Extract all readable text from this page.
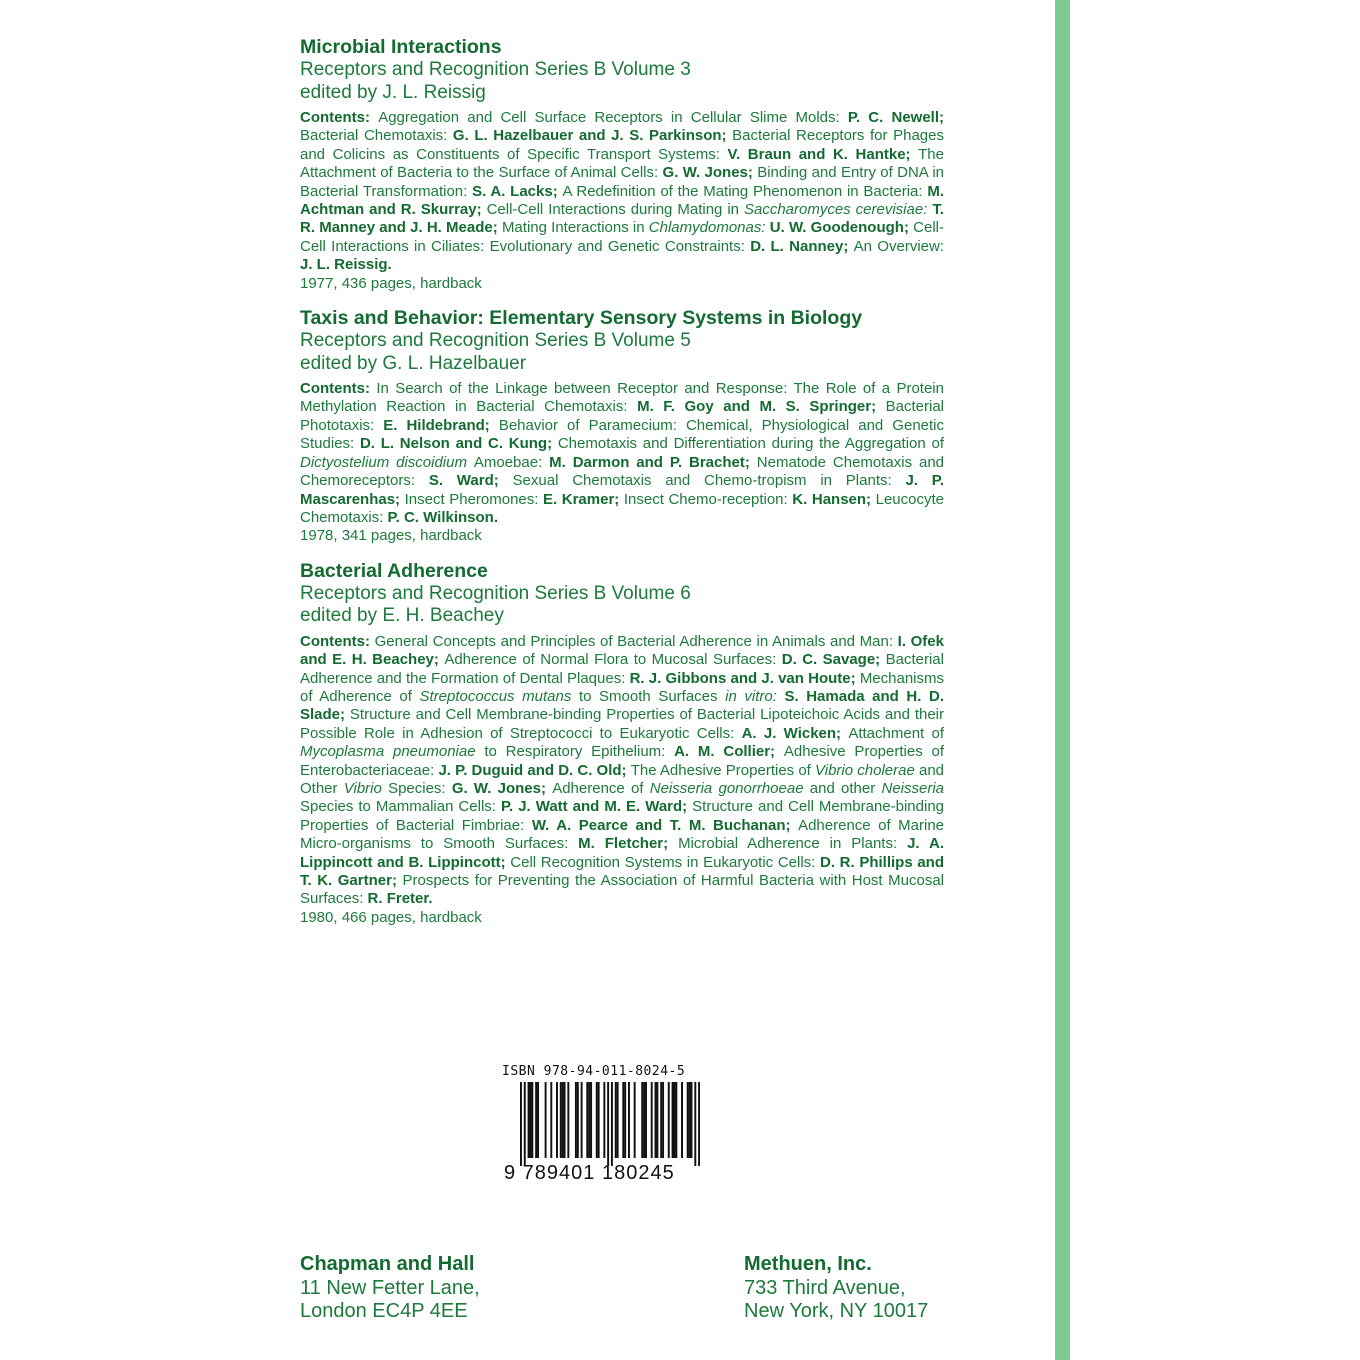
Microbial Interactions
Receptors and Recognition Series B Volume 3
edited by J. L. Reissig
Contents: Aggregation and Cell Surface Receptors in Cellular Slime Molds: P. C. Newell; Bacterial Chemotaxis: G. L. Hazelbauer and J. S. Parkinson; Bacterial Receptors for Phages and Colicins as Constituents of Specific Transport Systems: V. Braun and K. Hantke; The Attachment of Bacteria to the Surface of Animal Cells: G. W. Jones; Binding and Entry of DNA in Bacterial Transformation: S. A. Lacks; A Redefinition of the Mating Phenomenon in Bacteria: M. Achtman and R. Skurray; Cell-Cell Interactions during Mating in Saccharomyces cerevisiae: T. R. Manney and J. H. Meade; Mating Interactions in Chlamydomonas: U. W. Goodenough; Cell-Cell Interactions in Ciliates: Evolutionary and Genetic Constraints: D. L. Nanney; An Overview: J. L. Reissig.
1977, 436 pages, hardback
Taxis and Behavior: Elementary Sensory Systems in Biology
Receptors and Recognition Series B Volume 5
edited by G. L. Hazelbauer
Contents: In Search of the Linkage between Receptor and Response: The Role of a Protein Methylation Reaction in Bacterial Chemotaxis: M. F. Goy and M. S. Springer; Bacterial Phototaxis: E. Hildebrand; Behavior of Paramecium: Chemical, Physiological and Genetic Studies: D. L. Nelson and C. Kung; Chemotaxis and Differentiation during the Aggregation of Dictyostelium discoidium Amoebae: M. Darmon and P. Brachet; Nematode Chemotaxis and Chemoreceptors: S. Ward; Sexual Chemotaxis and Chemo-tropism in Plants: J. P. Mascarenhas; Insect Pheromones: E. Kramer; Insect Chemo-reception: K. Hansen; Leucocyte Chemotaxis: P. C. Wilkinson.
1978, 341 pages, hardback
Bacterial Adherence
Receptors and Recognition Series B Volume 6
edited by E. H. Beachey
Contents: General Concepts and Principles of Bacterial Adherence in Animals and Man: I. Ofek and E. H. Beachey; Adherence of Normal Flora to Mucosal Surfaces: D. C. Savage; Bacterial Adherence and the Formation of Dental Plaques: R. J. Gibbons and J. van Houte; Mechanisms of Adherence of Streptococcus mutans to Smooth Surfaces in vitro: S. Hamada and H. D. Slade; Structure and Cell Membrane-binding Properties of Bacterial Lipoteichoic Acids and their Possible Role in Adhesion of Streptococci to Eukaryotic Cells: A. J. Wicken; Attachment of Mycoplasma pneumoniae to Respiratory Epithelium: A. M. Collier; Adhesive Properties of Enterobacteriaceae: J. P. Duguid and D. C. Old; The Adhesive Properties of Vibrio cholerae and Other Vibrio Species: G. W. Jones; Adherence of Neisseria gonorrhoeae and other Neisseria Species to Mammalian Cells: P. J. Watt and M. E. Ward; Structure and Cell Membrane-binding Properties of Bacterial Fimbriae: W. A. Pearce and T. M. Buchanan; Adherence of Marine Micro-organisms to Smooth Surfaces: M. Fletcher; Microbial Adherence in Plants: J. A. Lippincott and B. Lippincott; Cell Recognition Systems in Eukaryotic Cells: D. R. Phillips and T. K. Gartner; Prospects for Preventing the Association of Harmful Bacteria with Host Mucosal Surfaces: R. Freter.
1980, 466 pages, hardback
ISBN 978-94-011-8024-5
9 789401 180245
Chapman and Hall
11 New Fetter Lane,
London EC4P 4EE
Methuen, Inc.
733 Third Avenue,
New York, NY 10017
